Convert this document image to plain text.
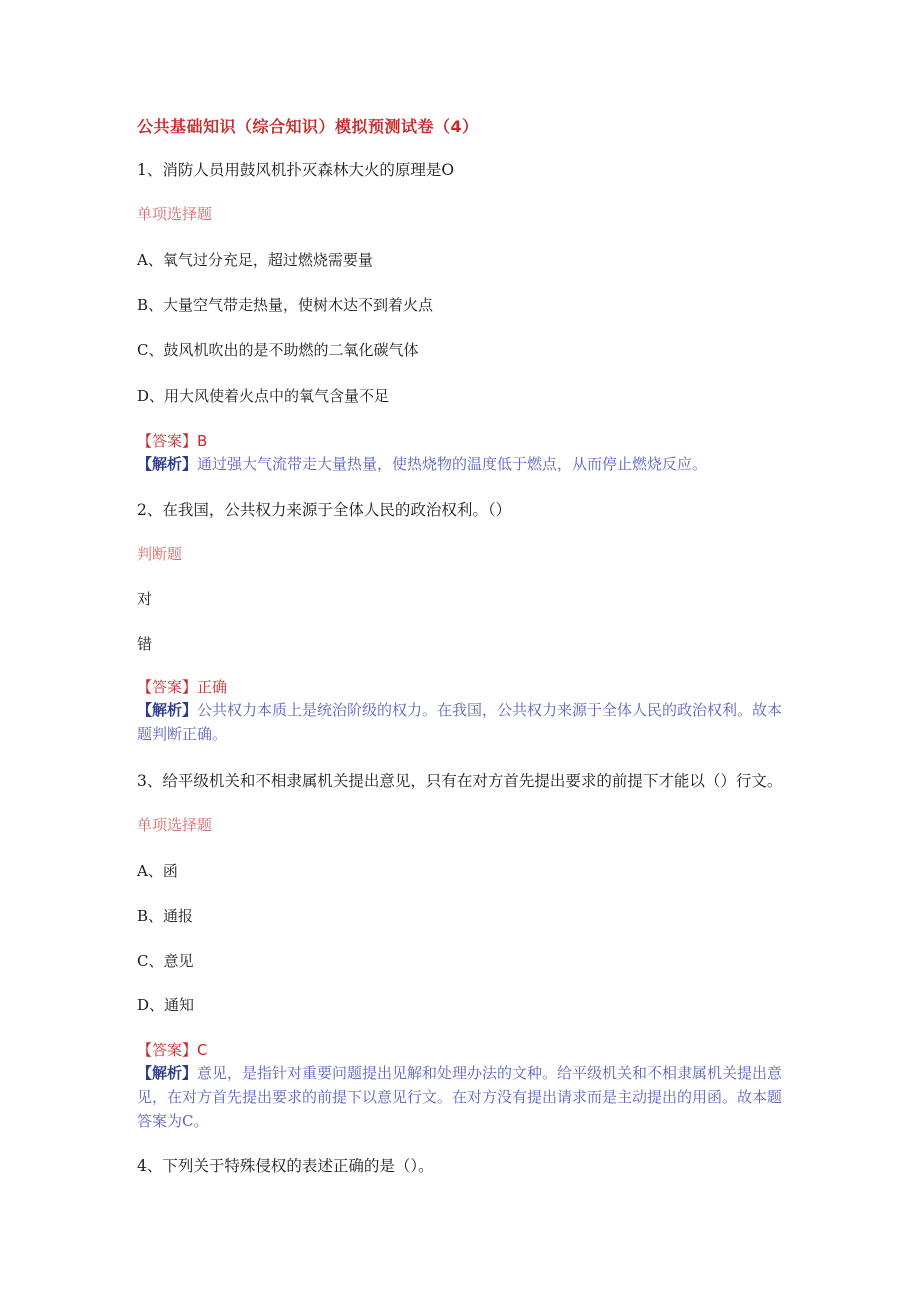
公共基础知识（综合知识）模拟预测试卷（4）
1、消防人员用鼓风机扑灭森林大火的原理是O
单项选择题
A、氧气过分充足，超过燃烧需要量
B、大量空气带走热量，使树木达不到着火点
C、鼓风机吹出的是不助燃的二氧化碳气体
D、用大风使着火点中的氧气含量不足
【答案】B
【解析】通过强大气流带走大量热量，使热烧物的温度低于燃点，从而停止燃烧反应。
2、在我国，公共权力来源于全体人民的政治权利。（）
判断题
对
错
【答案】正确
【解析】公共权力本质上是统治阶级的权力。在我国，公共权力来源于全体人民的政治权利。故本题判断正确。
3、给平级机关和不相隶属机关提出意见，只有在对方首先提出要求的前提下才能以（）行文。
单项选择题
A、函
B、通报
C、意见
D、通知
【答案】C
【解析】意见，是指针对重要问题提出见解和处理办法的文种。给平级机关和不相隶属机关提出意见，在对方首先提出要求的前提下以意见行文。在对方没有提出请求而是主动提出的用函。故本题答案为C。
4、下列关于特殊侵权的表述正确的是（）。
